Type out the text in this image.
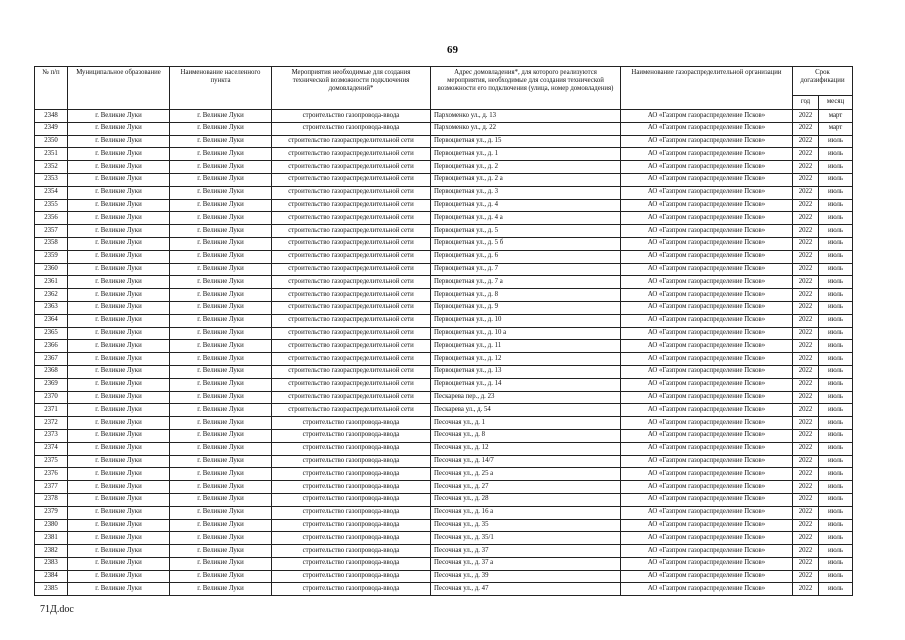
69
№ п/п	Муниципальное образование	Наименование населенного пункта	Мероприятия необходимые для создания технической возможности подключения домовладений*	Адрес домовладения*, для которого реализуются мероприятия, необходимые для создания технической возможности его подключения (улица, номер домовладения)	Наименование газораспределительной организации	Срок догазификации	
						год	месяц
2348	г. Великие Луки	г. Великие Луки	строительство газопровода-ввода	Пархоменко ул., д. 13	АО «Газпром газораспределение Псков»	2022	март
2349	г. Великие Луки	г. Великие Луки	строительство газопровода-ввода	Пархоменко ул., д. 22	АО «Газпром газораспределение Псков»	2022	март
2350	г. Великие Луки	г. Великие Луки	строительство газораспределительной сети	Первоцветная ул., д. 15	АО «Газпром газораспределение Псков»	2022	июль
2351	г. Великие Луки	г. Великие Луки	строительство газораспределительной сети	Первоцветная ул., д. 1	АО «Газпром газораспределение Псков»	2022	июль
2352	г. Великие Луки	г. Великие Луки	строительство газораспределительной сети	Первоцветная ул., д. 2	АО «Газпром газораспределение Псков»	2022	июль
2353	г. Великие Луки	г. Великие Луки	строительство газораспределительной сети	Первоцветная ул., д. 2 а	АО «Газпром газораспределение Псков»	2022	июль
2354	г. Великие Луки	г. Великие Луки	строительство газораспределительной сети	Первоцветная ул., д. 3	АО «Газпром газораспределение Псков»	2022	июль
2355	г. Великие Луки	г. Великие Луки	строительство газораспределительной сети	Первоцветная ул., д. 4	АО «Газпром газораспределение Псков»	2022	июль
2356	г. Великие Луки	г. Великие Луки	строительство газораспределительной сети	Первоцветная ул., д. 4 а	АО «Газпром газораспределение Псков»	2022	июль
2357	г. Великие Луки	г. Великие Луки	строительство газораспределительной сети	Первоцветная ул., д. 5	АО «Газпром газораспределение Псков»	2022	июль
2358	г. Великие Луки	г. Великие Луки	строительство газораспределительной сети	Первоцветная ул., д. 5 б	АО «Газпром газораспределение Псков»	2022	июль
2359	г. Великие Луки	г. Великие Луки	строительство газораспределительной сети	Первоцветная ул., д. 6	АО «Газпром газораспределение Псков»	2022	июль
2360	г. Великие Луки	г. Великие Луки	строительство газораспределительной сети	Первоцветная ул., д. 7	АО «Газпром газораспределение Псков»	2022	июль
2361	г. Великие Луки	г. Великие Луки	строительство газораспределительной сети	Первоцветная ул., д. 7 а	АО «Газпром газораспределение Псков»	2022	июль
2362	г. Великие Луки	г. Великие Луки	строительство газораспределительной сети	Первоцветная ул., д. 8	АО «Газпром газораспределение Псков»	2022	июль
2363	г. Великие Луки	г. Великие Луки	строительство газораспределительной сети	Первоцветная ул., д. 9	АО «Газпром газораспределение Псков»	2022	июль
2364	г. Великие Луки	г. Великие Луки	строительство газораспределительной сети	Первоцветная ул., д. 10	АО «Газпром газораспределение Псков»	2022	июль
2365	г. Великие Луки	г. Великие Луки	строительство газораспределительной сети	Первоцветная ул., д. 10 а	АО «Газпром газораспределение Псков»	2022	июль
2366	г. Великие Луки	г. Великие Луки	строительство газораспределительной сети	Первоцветная ул., д. 11	АО «Газпром газораспределение Псков»	2022	июль
2367	г. Великие Луки	г. Великие Луки	строительство газораспределительной сети	Первоцветная ул., д. 12	АО «Газпром газораспределение Псков»	2022	июль
2368	г. Великие Луки	г. Великие Луки	строительство газораспределительной сети	Первоцветная ул., д. 13	АО «Газпром газораспределение Псков»	2022	июль
2369	г. Великие Луки	г. Великие Луки	строительство газораспределительной сети	Первоцветная ул., д. 14	АО «Газпром газораспределение Псков»	2022	июль
2370	г. Великие Луки	г. Великие Луки	строительство газораспределительной сети	Пескарева пер., д. 23	АО «Газпром газораспределение Псков»	2022	июль
2371	г. Великие Луки	г. Великие Луки	строительство газораспределительной сети	Пескарева ул., д. 54	АО «Газпром газораспределение Псков»	2022	июль
2372	г. Великие Луки	г. Великие Луки	строительство газопровода-ввода	Песочная ул., д. 1	АО «Газпром газораспределение Псков»	2022	июль
2373	г. Великие Луки	г. Великие Луки	строительство газопровода-ввода	Песочная ул., д. 8	АО «Газпром газораспределение Псков»	2022	июль
2374	г. Великие Луки	г. Великие Луки	строительство газопровода-ввода	Песочная ул., д. 12	АО «Газпром газораспределение Псков»	2022	июль
2375	г. Великие Луки	г. Великие Луки	строительство газопровода-ввода	Песочная ул., д. 14/7	АО «Газпром газораспределение Псков»	2022	июль
2376	г. Великие Луки	г. Великие Луки	строительство газопровода-ввода	Песочная ул., д. 25 а	АО «Газпром газораспределение Псков»	2022	июль
2377	г. Великие Луки	г. Великие Луки	строительство газопровода-ввода	Песочная ул., д. 27	АО «Газпром газораспределение Псков»	2022	июль
2378	г. Великие Луки	г. Великие Луки	строительство газопровода-ввода	Песочная ул., д. 28	АО «Газпром газораспределение Псков»	2022	июль
2379	г. Великие Луки	г. Великие Луки	строительство газопровода-ввода	Песочная ул., д. 16 а	АО «Газпром газораспределение Псков»	2022	июль
2380	г. Великие Луки	г. Великие Луки	строительство газопровода-ввода	Песочная ул., д. 35	АО «Газпром газораспределение Псков»	2022	июль
2381	г. Великие Луки	г. Великие Луки	строительство газопровода-ввода	Песочная ул., д. 35/1	АО «Газпром газораспределение Псков»	2022	июль
2382	г. Великие Луки	г. Великие Луки	строительство газопровода-ввода	Песочная ул., д. 37	АО «Газпром газораспределение Псков»	2022	июль
2383	г. Великие Луки	г. Великие Луки	строительство газопровода-ввода	Песочная ул., д. 37 а	АО «Газпром газораспределение Псков»	2022	июль
2384	г. Великие Луки	г. Великие Луки	строительство газопровода-ввода	Песочная ул., д. 39	АО «Газпром газораспределение Псков»	2022	июль
2385	г. Великие Луки	г. Великие Луки	строительство газопровода-ввода	Песочная ул., д. 47	АО «Газпром газораспределение Псков»	2022	июль
71Д.doc
